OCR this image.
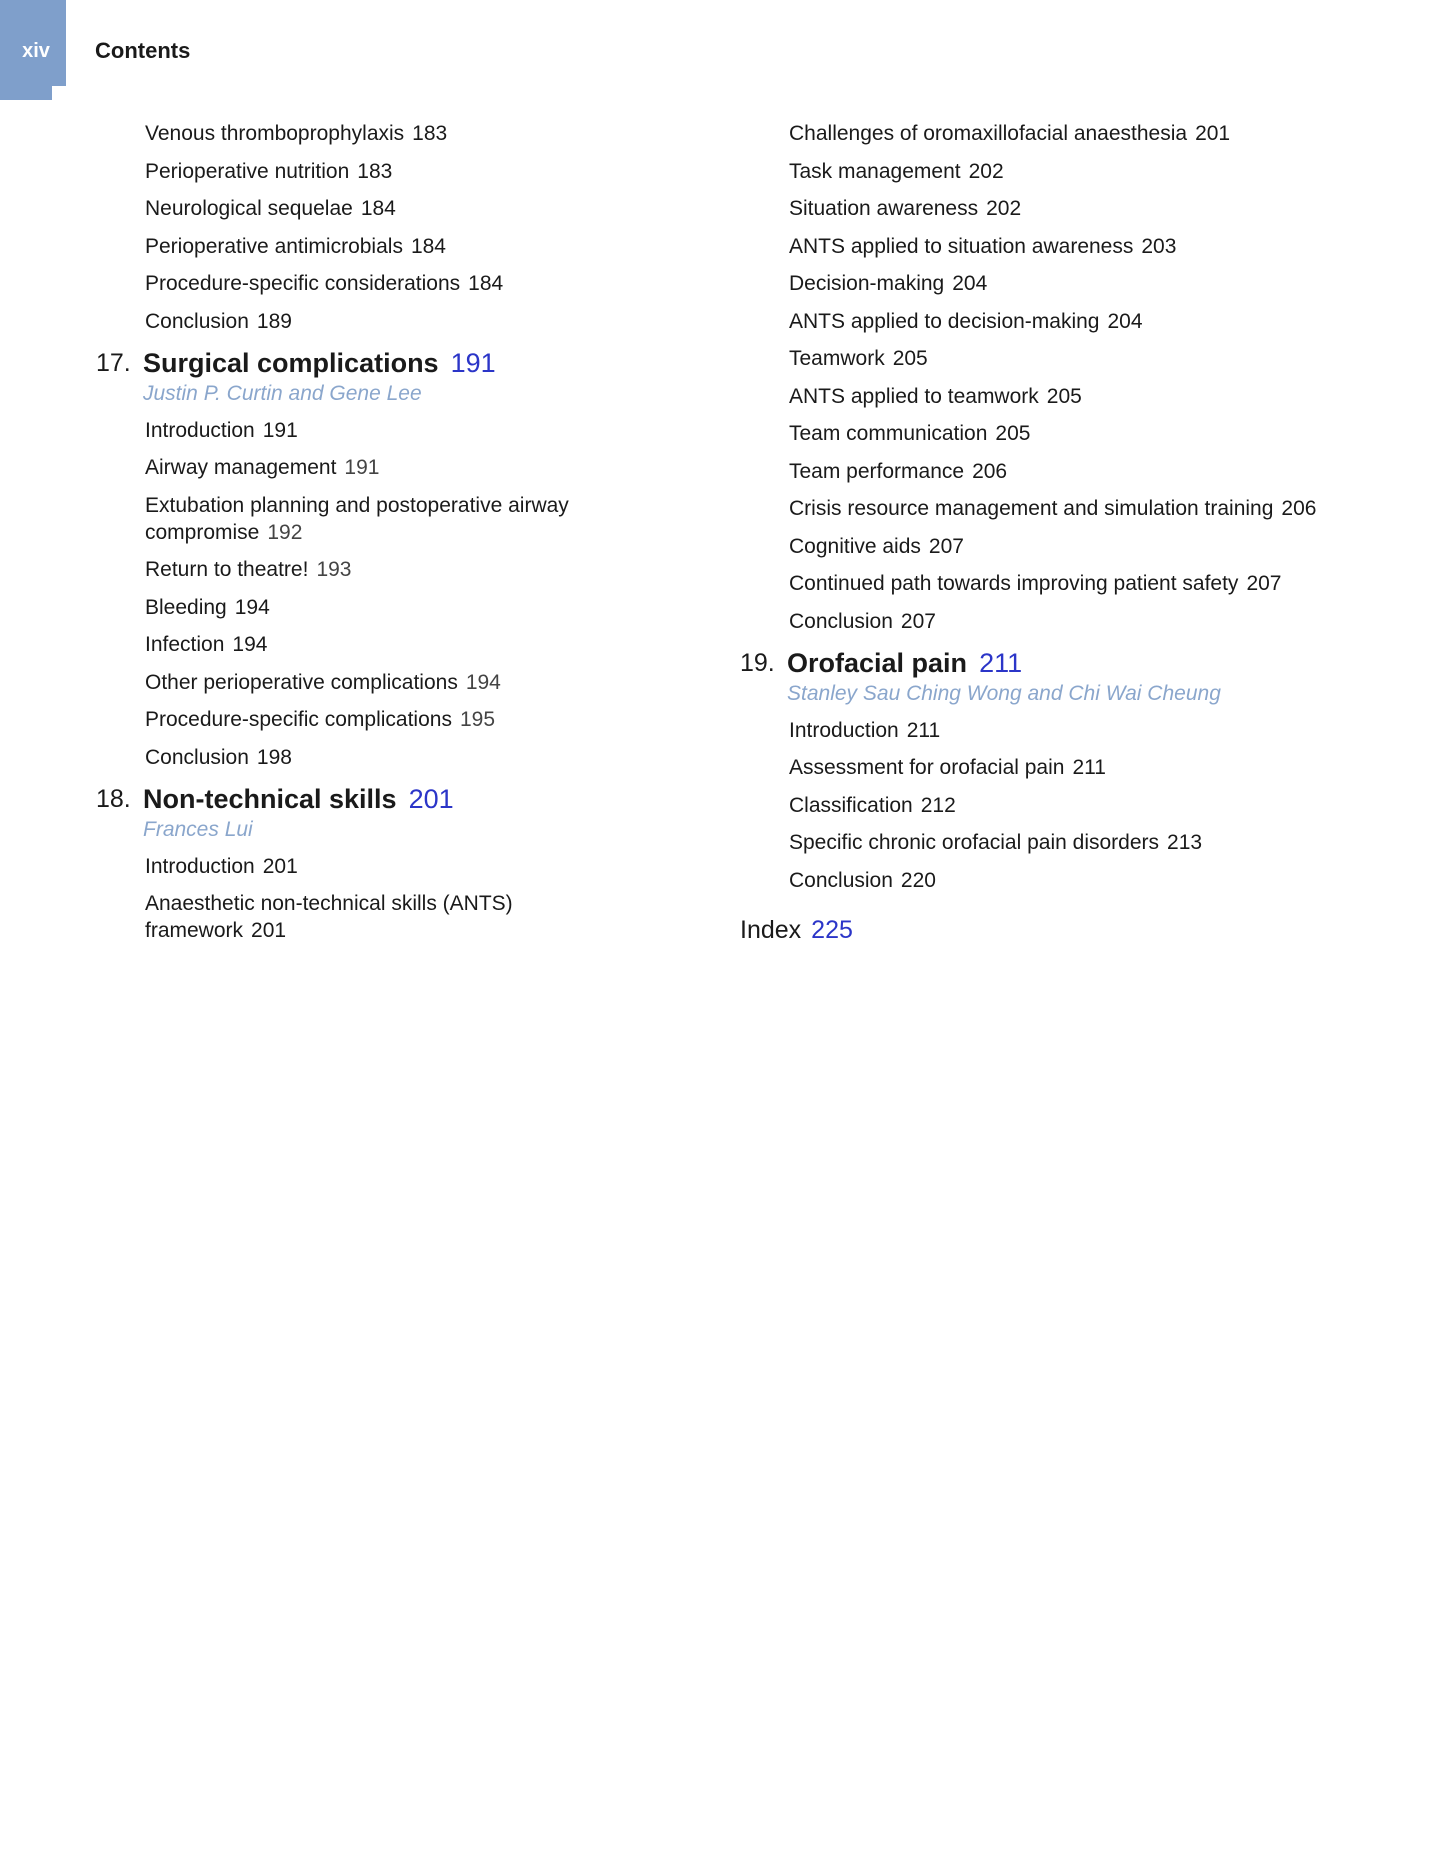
xiv	Contents
Venous thromboprophylaxis 183
Perioperative nutrition 183
Neurological sequelae 184
Perioperative antimicrobials 184
Procedure-specific considerations 184
Conclusion 189
17. Surgical complications 191
Justin P. Curtin and Gene Lee
Introduction 191
Airway management 191
Extubation planning and postoperative airway compromise 192
Return to theatre! 193
Bleeding 194
Infection 194
Other perioperative complications 194
Procedure-specific complications 195
Conclusion 198
18. Non-technical skills 201
Frances Lui
Introduction 201
Anaesthetic non-technical skills (ANTS) framework 201
Challenges of oromaxillofacial anaesthesia 201
Task management 202
Situation awareness 202
ANTS applied to situation awareness 203
Decision-making 204
ANTS applied to decision-making 204
Teamwork 205
ANTS applied to teamwork 205
Team communication 205
Team performance 206
Crisis resource management and simulation training 206
Cognitive aids 207
Continued path towards improving patient safety 207
Conclusion 207
19. Orofacial pain 211
Stanley Sau Ching Wong and Chi Wai Cheung
Introduction 211
Assessment for orofacial pain 211
Classification 212
Specific chronic orofacial pain disorders 213
Conclusion 220
Index 225
